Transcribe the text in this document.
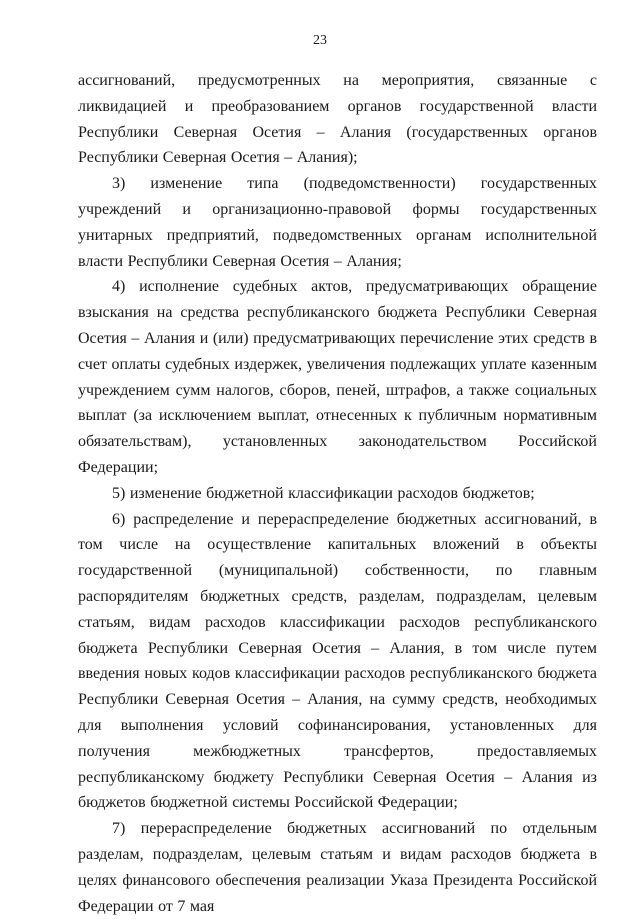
23

ассигнований, предусмотренных на мероприятия, связанные с ликвидацией и преобразованием органов государственной власти Республики Северная Осетия – Алания (государственных органов Республики Северная Осетия – Алания);

3) изменение типа (подведомственности) государственных учреждений и организационно-правовой формы государственных унитарных предприятий, подведомственных органам исполнительной власти Республики Северная Осетия – Алания;

4) исполнение судебных актов, предусматривающих обращение взыскания на средства республиканского бюджета Республики Северная Осетия – Алания и (или) предусматривающих перечисление этих средств в счет оплаты судебных издержек, увеличения подлежащих уплате казенным учреждением сумм налогов, сборов, пеней, штрафов, а также социальных выплат (за исключением выплат, отнесенных к публичным нормативным обязательствам), установленных законодательством Российской Федерации;

5) изменение бюджетной классификации расходов бюджетов;

6) распределение и перераспределение бюджетных ассигнований, в том числе на осуществление капитальных вложений в объекты государственной (муниципальной) собственности, по главным распорядителям бюджетных средств, разделам, подразделам, целевым статьям, видам расходов классификации расходов республиканского бюджета Республики Северная Осетия – Алания, в том числе путем введения новых кодов классификации расходов республиканского бюджета Республики Северная Осетия – Алания, на сумму средств, необходимых для выполнения условий софинансирования, установленных для получения межбюджетных трансфертов, предоставляемых республиканскому бюджету Республики Северная Осетия – Алания из бюджетов бюджетной системы Российской Федерации;

7) перераспределение бюджетных ассигнований по отдельным разделам, подразделам, целевым статьям и видам расходов бюджета в целях финансового обеспечения реализации Указа Президента Российской Федерации от 7 мая
